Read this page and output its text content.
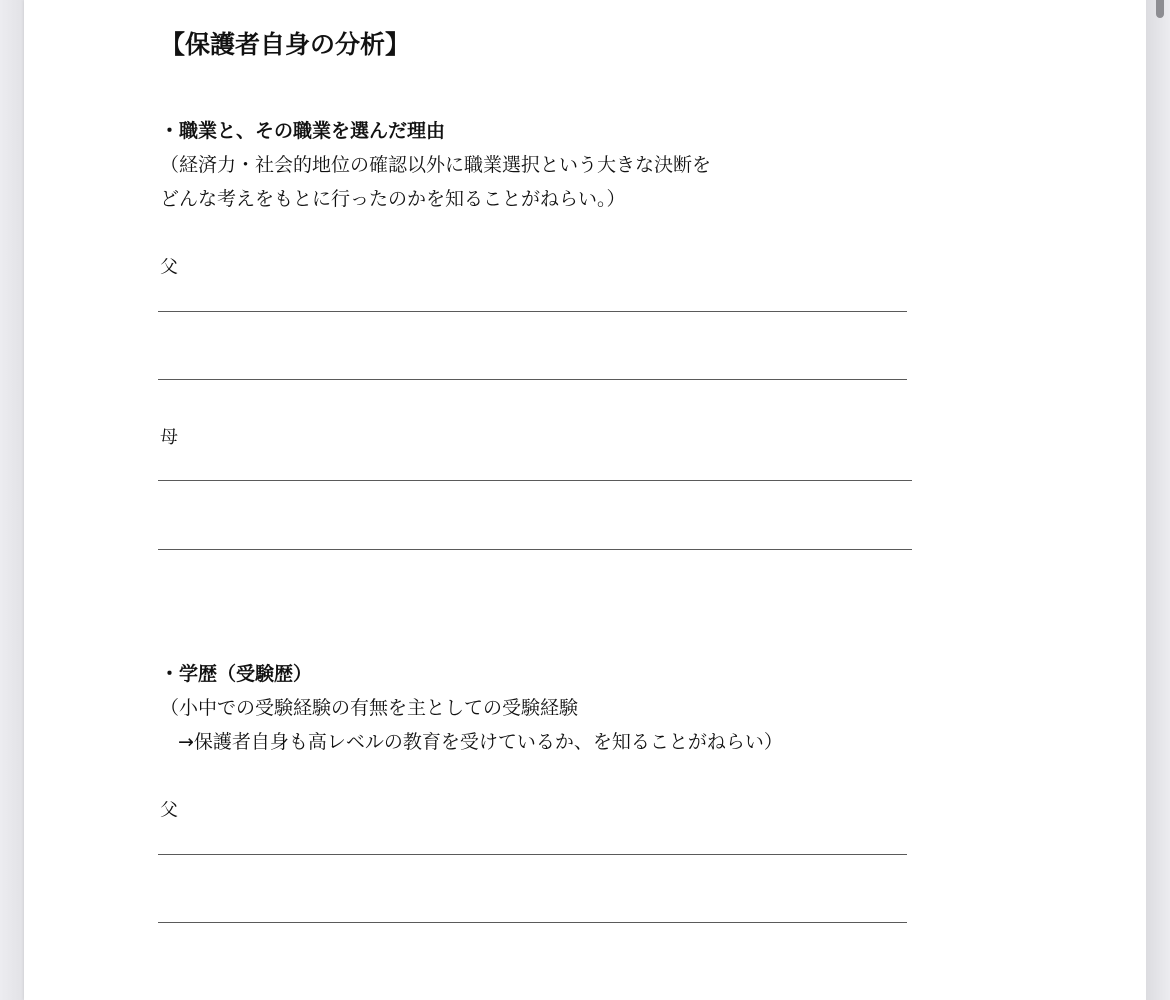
【保護者自身の分析】
・職業と、その職業を選んだ理由
（経済力・社会的地位の確認以外に職業選択という大きな決断を
どんな考えをもとに行ったのかを知ることがねらい。）
父
母
・学歴（受験歴）
（小中での受験経験の有無を主としての受験経験
→保護者自身も高レベルの教育を受けているか、を知ることがねらい）
父
